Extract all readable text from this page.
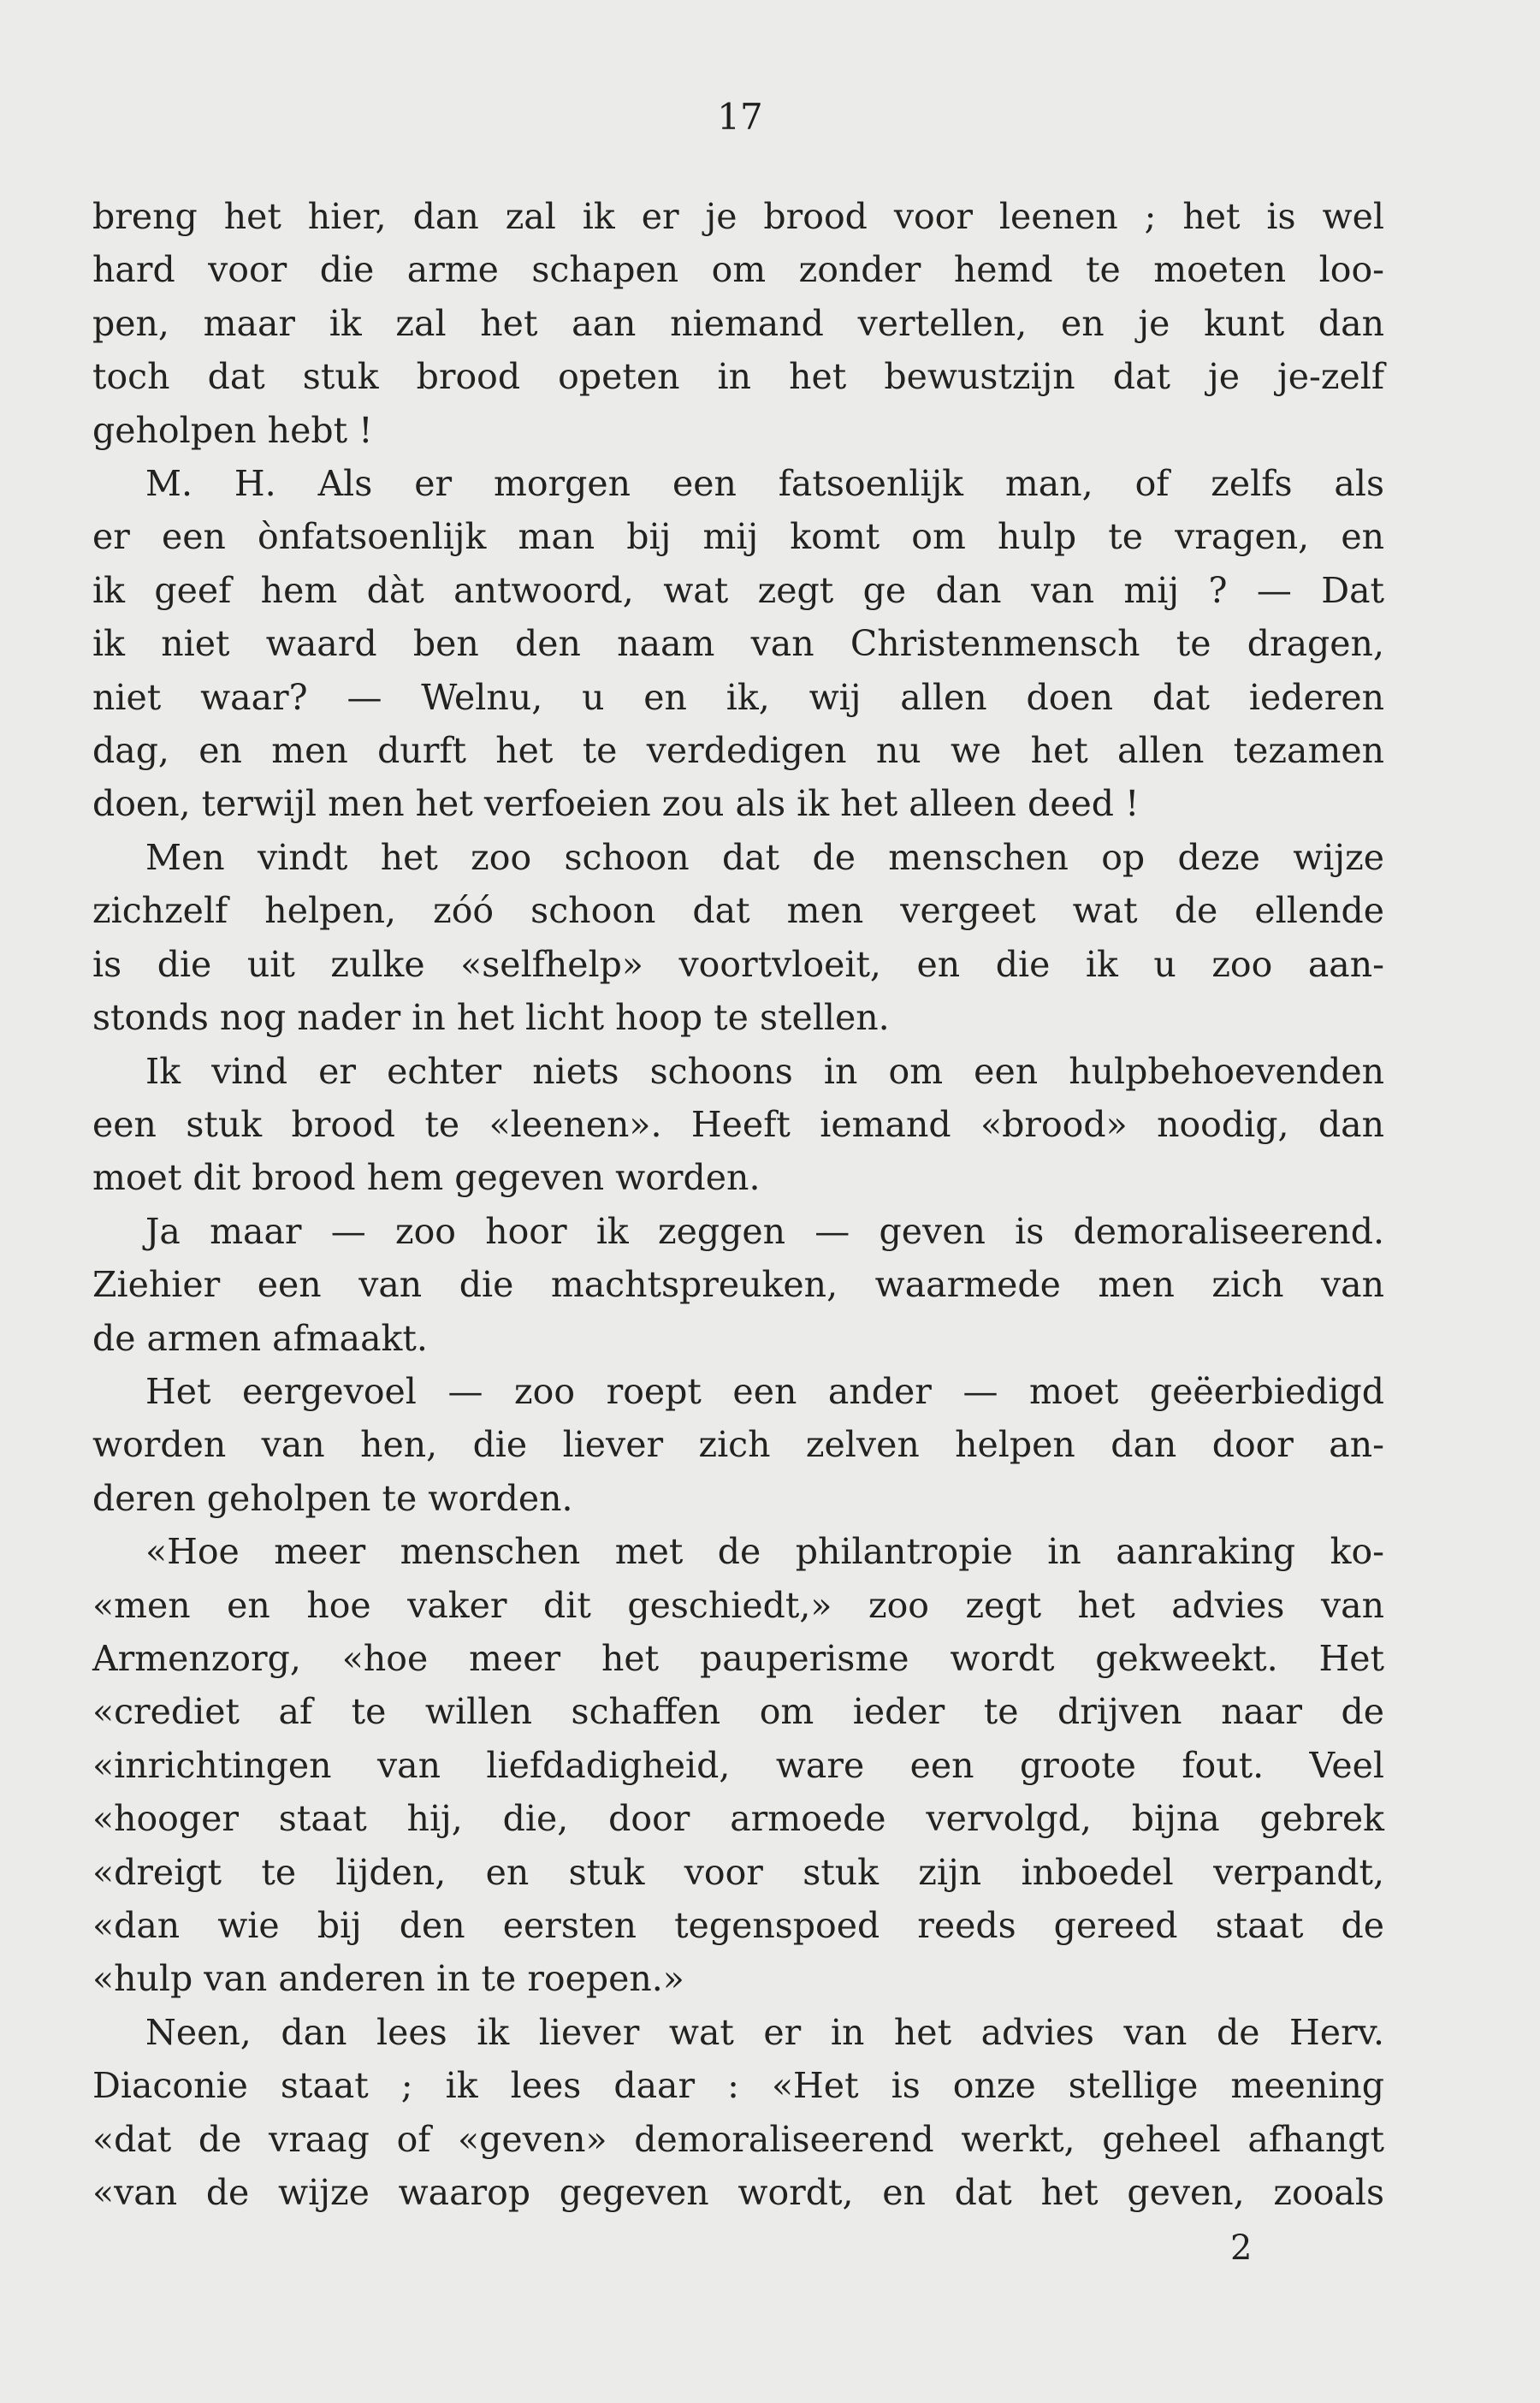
17

breng het hier, dan zal ik er je brood voor leenen ; het is wel

hard voor die arme schapen om zonder hemd te moeten loo-

pen, maar ik zal het aan niemand vertellen, en je kunt dan

toch dat stuk brood opeten in het bewustzijn dat je je-zelf

geholpen hebt !

M. H. Als er morgen een fatsoenlijk man, of zelfs als

er een ònfatsoenlijk man bij mij komt om hulp te vragen, en

ik geef hem dàt antwoord, wat zegt ge dan van mij ? — Dat

ik niet waard ben den naam van Christenmensch te dragen,

niet waar? — Welnu, u en ik, wij allen doen dat iederen

dag, en men durft het te verdedigen nu we het allen tezamen

doen, terwijl men het verfoeien zou als ik het alleen deed !

Men vindt het zoo schoon dat de menschen op deze wijze

zichzelf helpen, zóó schoon dat men vergeet wat de ellende

is die uit zulke «selfhelp» voortvloeit, en die ik u zoo aan-

stonds nog nader in het licht hoop te stellen.

Ik vind er echter niets schoons in om een hulpbehoevenden

een stuk brood te «leenen». Heeft iemand «brood» noodig, dan

moet dit brood hem gegeven worden.

Ja maar — zoo hoor ik zeggen — geven is demoraliseerend.

Ziehier een van die machtspreuken, waarmede men zich van

de armen afmaakt.

Het eergevoel — zoo roept een ander — moet geëerbiedigd

worden van hen, die liever zich zelven helpen dan door an-

deren geholpen te worden.

«Hoe meer menschen met de philantropie in aanraking ko-

«men en hoe vaker dit geschiedt,» zoo zegt het advies van

Armenzorg, «hoe meer het pauperisme wordt gekweekt. Het

«crediet af te willen schaffen om ieder te drijven naar de

«inrichtingen van liefdadigheid, ware een groote fout. Veel

«hooger staat hij, die, door armoede vervolgd, bijna gebrek

«dreigt te lijden, en stuk voor stuk zijn inboedel verpandt,

«dan wie bij den eersten tegenspoed reeds gereed staat de

«hulp van anderen in te roepen.»

Neen, dan lees ik liever wat er in het advies van de Herv.

Diaconie staat ; ik lees daar : «Het is onze stellige meening

«dat de vraag of «geven» demoraliseerend werkt, geheel afhangt

«van de wijze waarop gegeven wordt, en dat het geven, zooals

2
